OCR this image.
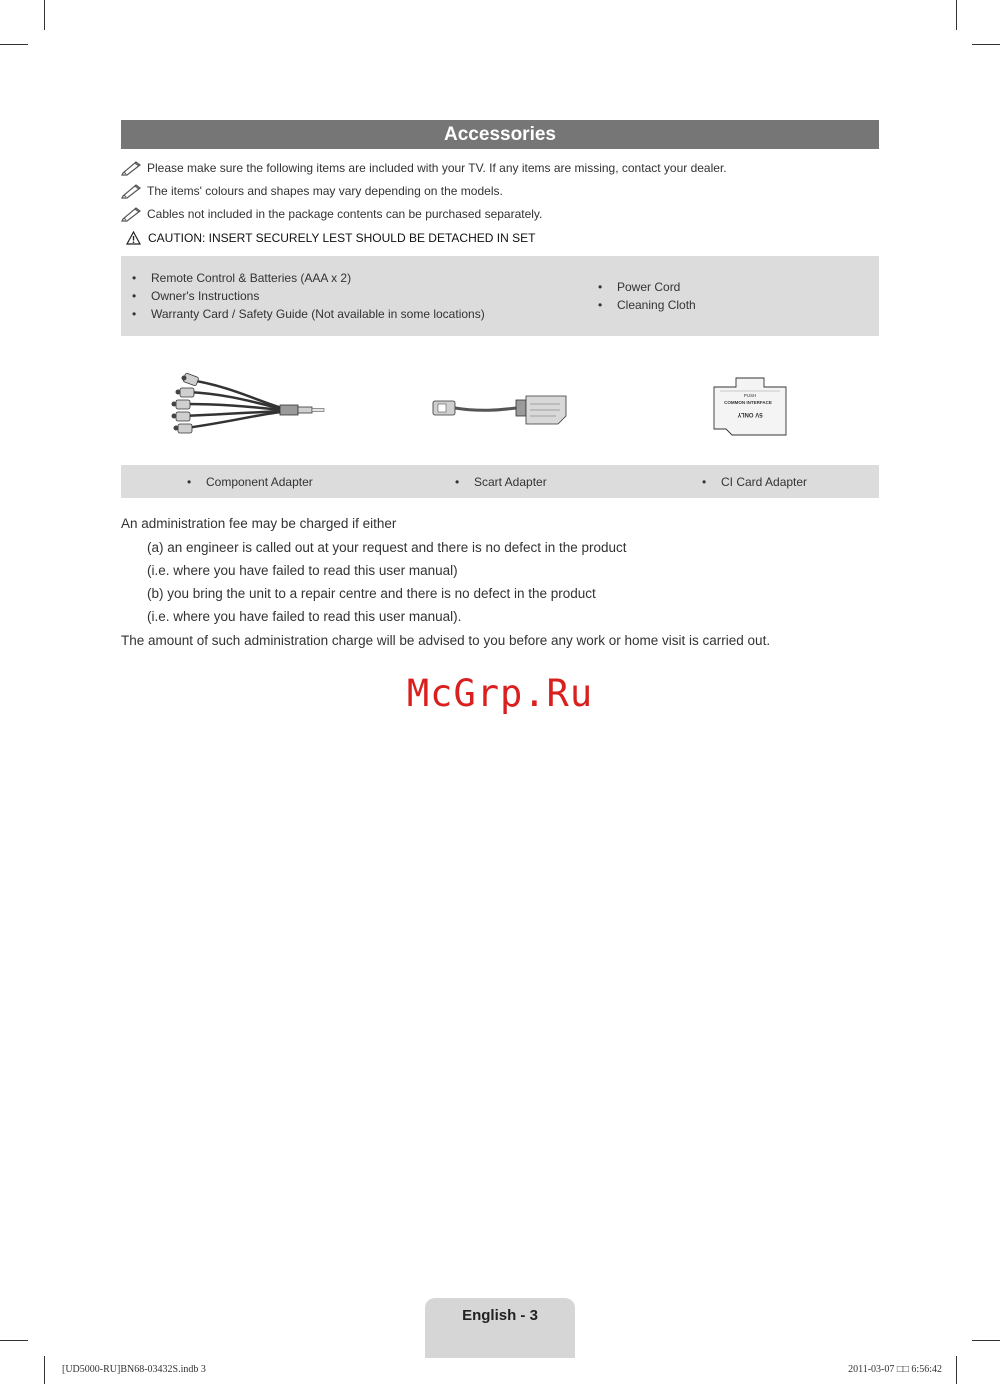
Accessories
Please make sure the following items are included with your TV. If any items are missing, contact your dealer.
The items' colours and shapes may vary depending on the models.
Cables not included in the package contents can be purchased separately.
CAUTION: INSERT SECURELY LEST SHOULD BE DETACHED IN SET
• Remote Control & Batteries (AAA x 2)
• Owner's Instructions
• Warranty Card / Safety Guide (Not available in some locations)
• Power Cord
• Cleaning Cloth
PUSH
COMMON INTERFACE
5V ONLY
• Component Adapter	• Scart Adapter	• CI Card Adapter
An administration fee may be charged if either
(a) an engineer is called out at your request and there is no defect in the product
(i.e. where you have failed to read this user manual)
(b) you bring the unit to a repair centre and there is no defect in the product
(i.e. where you have failed to read this user manual).
The amount of such administration charge will be advised to you before any work or home visit is carried out.
McGrp.Ru
English - 3
[UD5000-RU]BN68-03432S.indb 3	2011-03-07 □□ 6:56:42
